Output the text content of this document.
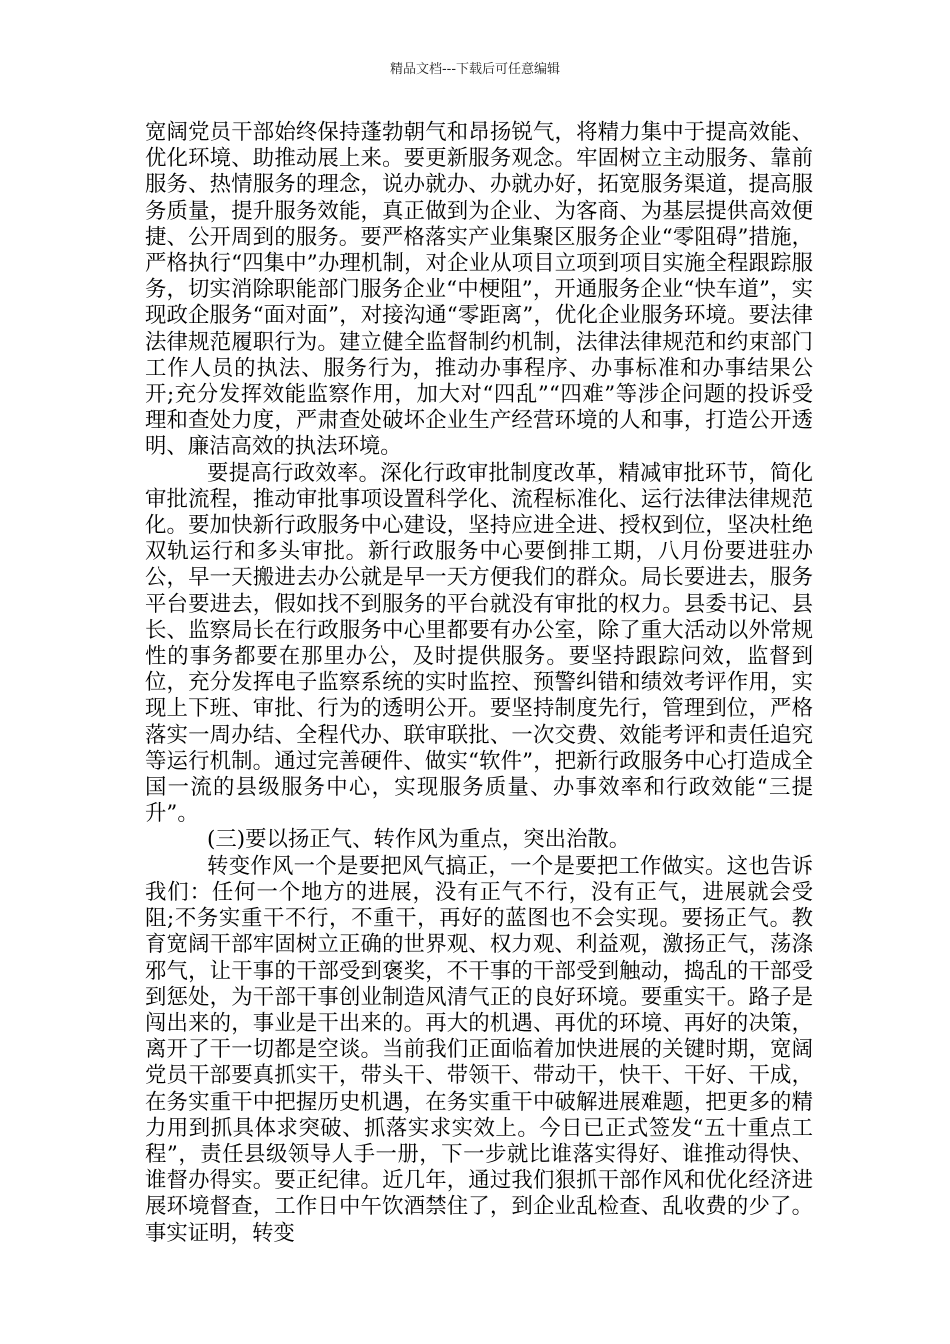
精品文档---下载后可任意编辑

宽阔党员干部始终保持蓬勃朝气和昂扬锐气，将精力集中于提高效能、优化环境、助推动展上来。要更新服务观念。牢固树立主动服务、靠前服务、热情服务的理念，说办就办、办就办好，拓宽服务渠道，提高服务质量，提升服务效能，真正做到为企业、为客商、为基层提供高效便捷、公开周到的服务。要严格落实产业集聚区服务企业“零阻碍”措施，严格执行“四集中”办理机制，对企业从项目立项到项目实施全程跟踪服务，切实消除职能部门服务企业“中梗阻”，开通服务企业“快车道”，实现政企服务“面对面”，对接沟通“零距离”，优化企业服务环境。要法律法律规范履职行为。建立健全监督制约机制，法律法律规范和约束部门工作人员的执法、服务行为，推动办事程序、办事标准和办事结果公开;充分发挥效能监察作用，加大对“四乱”“四难”等涉企问题的投诉受理和查处力度，严肃查处破坏企业生产经营环境的人和事，打造公开透明、廉洁高效的执法环境。

要提高行政效率。深化行政审批制度改革，精减审批环节，简化审批流程，推动审批事项设置科学化、流程标准化、运行法律法律规范化。要加快新行政服务中心建设，坚持应进全进、授权到位，坚决杜绝双轨运行和多头审批。新行政服务中心要倒排工期，八月份要进驻办公，早一天搬进去办公就是早一天方便我们的群众。局长要进去，服务平台要进去，假如找不到服务的平台就没有审批的权力。县委书记、县长、监察局长在行政服务中心里都要有办公室，除了重大活动以外常规性的事务都要在那里办公，及时提供服务。要坚持跟踪问效，监督到位，充分发挥电子监察系统的实时监控、预警纠错和绩效考评作用，实现上下班、审批、行为的透明公开。要坚持制度先行，管理到位，严格落实一周办结、全程代办、联审联批、一次交费、效能考评和责任追究等运行机制。通过完善硬件、做实“软件”，把新行政服务中心打造成全国一流的县级服务中心，实现服务质量、办事效率和行政效能“三提升”。

(三)要以扬正气、转作风为重点，突出治散。

转变作风一个是要把风气搞正，一个是要把工作做实。这也告诉我们：任何一个地方的进展，没有正气不行，没有正气，进展就会受阻;不务实重干不行，不重干，再好的蓝图也不会实现。要扬正气。教育宽阔干部牢固树立正确的世界观、权力观、利益观，激扬正气，荡涤邪气，让干事的干部受到褒奖，不干事的干部受到触动，捣乱的干部受到惩处，为干部干事创业制造风清气正的良好环境。要重实干。路子是闯出来的，事业是干出来的。再大的机遇、再优的环境、再好的决策，离开了干一切都是空谈。当前我们正面临着加快进展的关键时期，宽阔党员干部要真抓实干，带头干、带领干、带动干，快干、干好、干成，在务实重干中把握历史机遇，在务实重干中破解进展难题，把更多的精力用到抓具体求突破、抓落实求实效上。今日已正式签发“五十重点工程”，责任县级领导人手一册，下一步就比谁落实得好、谁推动得快、谁督办得实。要正纪律。近几年，通过我们狠抓干部作风和优化经济进展环境督查，工作日中午饮酒禁住了，到企业乱检查、乱收费的少了。事实证明，转变
